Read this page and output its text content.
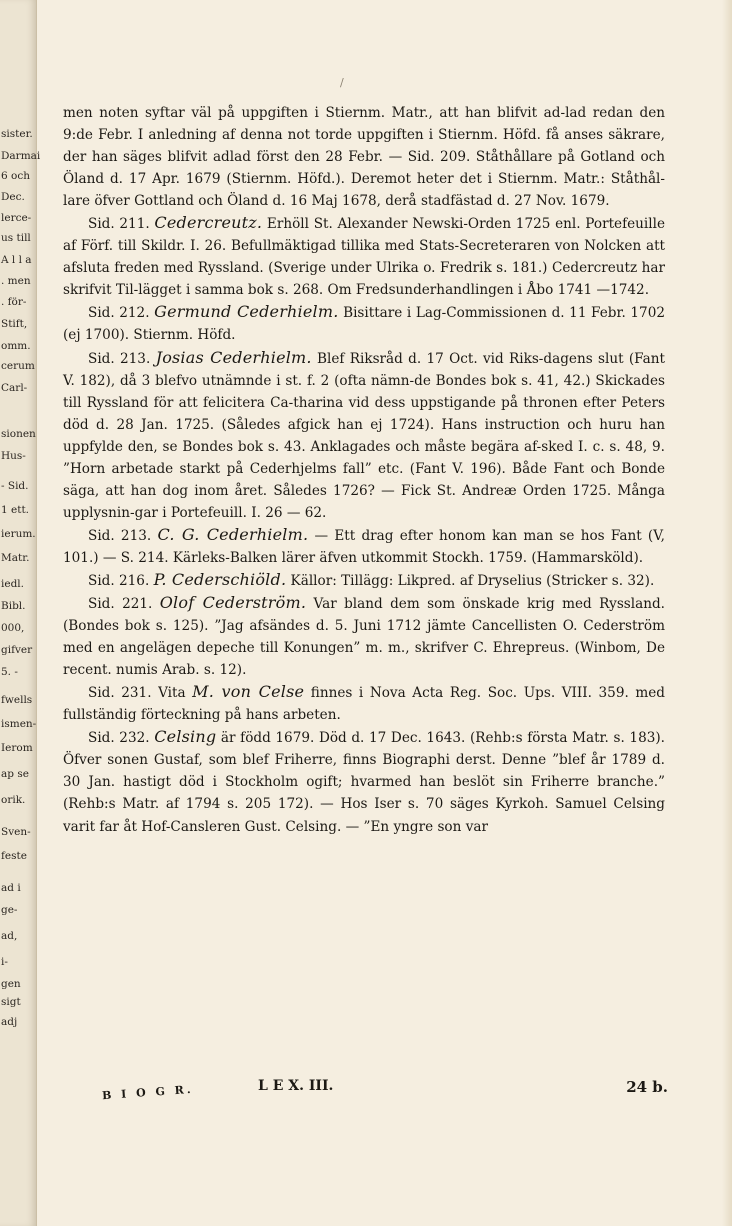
sister.
Darmai
6 och
Dec.
lerce-
us till
A l l a
. men
. för-
Stift,
omm.
cerum
Carl-
sionen
Hus-
- Sid.
1 ett.
ierum.
Matr.
iedl.
Bibl.
000,
gifver
5. -
fwells
ismen-
Ierom
ap se
orik.
Sven-
feste
ad i
ge-
ad,
i-
gen
sigt
adj
/

men noten syftar väl på uppgiften i Stiernm. Matr., att han blifvit ad-lad redan den 9:de Febr. I anledning af denna not torde uppgiften i Stiernm. Höfd. få anses säkrare, der han säges blifvit adlad först den 28 Febr. — Sid. 209. Ståthållare på Gotland och Öland d. 17 Apr. 1679 (Stiernm. Höfd.). Deremot heter det i Stiernm. Matr.: Ståthål-lare öfver Gottland och Öland d. 16 Maj 1678, derå stadfästad d. 27 Nov. 1679.

Sid. 211. Cedercreutz. Erhöll St. Alexander Newski-Orden 1725 enl. Portefeuille af Förf. till Skildr. I. 26. Befullmäktigad tillika med Stats-Secreteraren von Nolcken att afsluta freden med Ryssland. (Sverige under Ulrika o. Fredrik s. 181.) Cedercreutz har skrifvit Til-lägget i samma bok s. 268. Om Fredsunderhandlingen i Åbo 1741 —1742.

Sid. 212. Germund Cederhielm. Bisittare i Lag-Commissionen d. 11 Febr. 1702 (ej 1700). Stiernm. Höfd.

Sid. 213. Josias Cederhielm. Blef Riksråd d. 17 Oct. vid Riks-dagens slut (Fant V. 182), då 3 blefvo utnämnde i st. f. 2 (ofta nämn-de Bondes bok s. 41, 42.) Skickades till Ryssland för att felicitera Ca-tharina vid dess uppstigande på thronen efter Peters död d. 28 Jan. 1725. (Således afgick han ej 1724). Hans instruction och huru han uppfylde den, se Bondes bok s. 43. Anklagades och måste begära af-sked I. c. s. 48, 9. ”Horn arbetade starkt på Cederhjelms fall” etc. (Fant V. 196). Både Fant och Bonde säga, att han dog inom året. Således 1726? — Fick St. Andreæ Orden 1725. Många upplysnin-gar i Portefeuill. I. 26 — 62.

Sid. 213. C. G. Cederhielm. — Ett drag efter honom kan man se hos Fant (V, 101.) — S. 214. Kärleks-Balken lärer äfven utkommit Stockh. 1759. (Hammarsköld).

Sid. 216. P. Cederschiöld. Källor: Tillägg: Likpred. af Dryselius (Stricker s. 32).

Sid. 221. Olof Cederström. Var bland dem som önskade krig med Ryssland. (Bondes bok s. 125). ”Jag afsändes d. 5. Juni 1712 jämte Cancellisten O. Cederström med en angelägen depeche till Konungen” m. m., skrifver C. Ehrepreus. (Winbom, De recent. numis Arab. s. 12).

Sid. 231. Vita M. von Celse finnes i Nova Acta Reg. Soc. Ups. VIII. 359. med fullständig förteckning på hans arbeten.

Sid. 232. Celsing är född 1679. Död d. 17 Dec. 1643. (Rehb:s första Matr. s. 183). Öfver sonen Gustaf, som blef Friherre, finns Biographi derst. Denne ”blef år 1789 d. 30 Jan. hastigt död i Stockholm ogift; hvarmed han beslöt sin Friherre branche.” (Rehb:s Matr. af 1794 s. 205 172). — Hos Iser s. 70 säges Kyrkoh. Samuel Celsing varit far åt Hof-Cansleren Gust. Celsing. — ”En yngre son var

B I O G R.	L E X. III.	24 b.
